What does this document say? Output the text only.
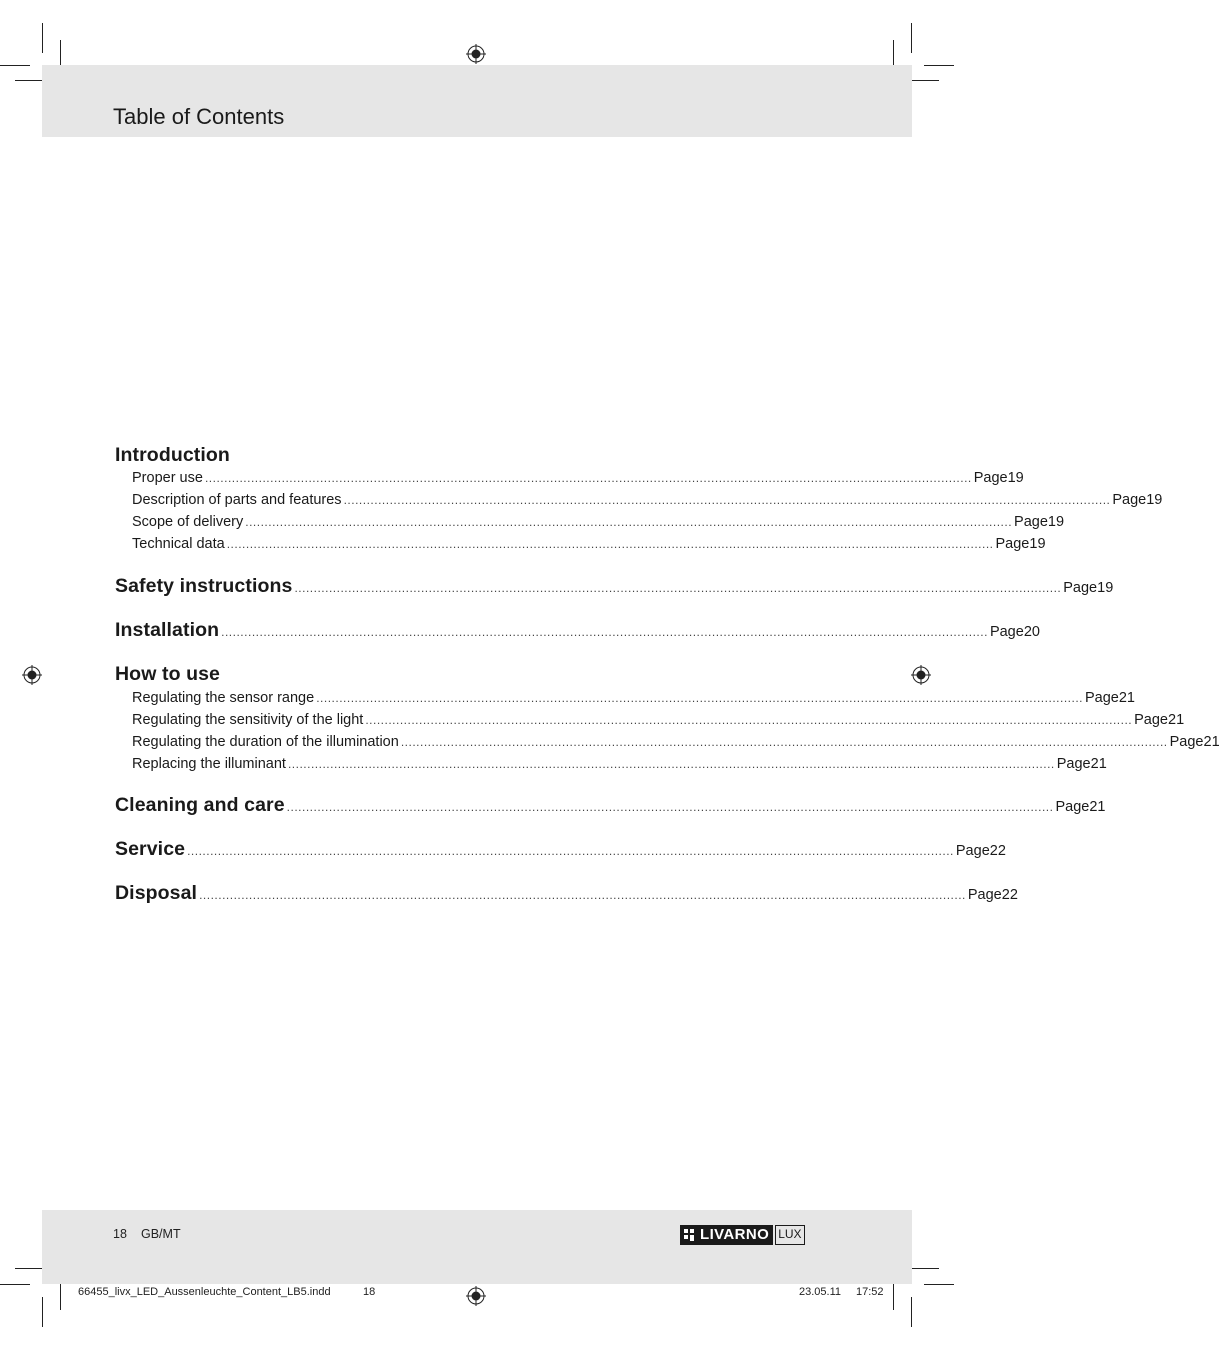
Table of Contents
Introduction
Proper use ........................................................................................................................................................................................................ Page 19
Description of parts and features ........................................................................................................................................................................................................ Page 19
Scope of delivery ........................................................................................................................................................................................................ Page 19
Technical data ........................................................................................................................................................................................................ Page 19
Safety instructions ........................................................................................................................................................................................................ Page 19
Installation ........................................................................................................................................................................................................ Page 20
How to use
Regulating the sensor range ........................................................................................................................................................................................................ Page 21
Regulating the sensitivity of the light ........................................................................................................................................................................................................ Page 21
Regulating the duration of the illumination ........................................................................................................................................................................................................ Page 21
Replacing the illuminant ........................................................................................................................................................................................................ Page 21
Cleaning and care ........................................................................................................................................................................................................ Page 21
Service ........................................................................................................................................................................................................ Page 22
Disposal ........................................................................................................................................................................................................ Page 22
18 GB/MT	LIVARNO LUX
66455_livx_LED_Aussenleuchte_Content_LB5.indd	18	23.05.11 17:52
